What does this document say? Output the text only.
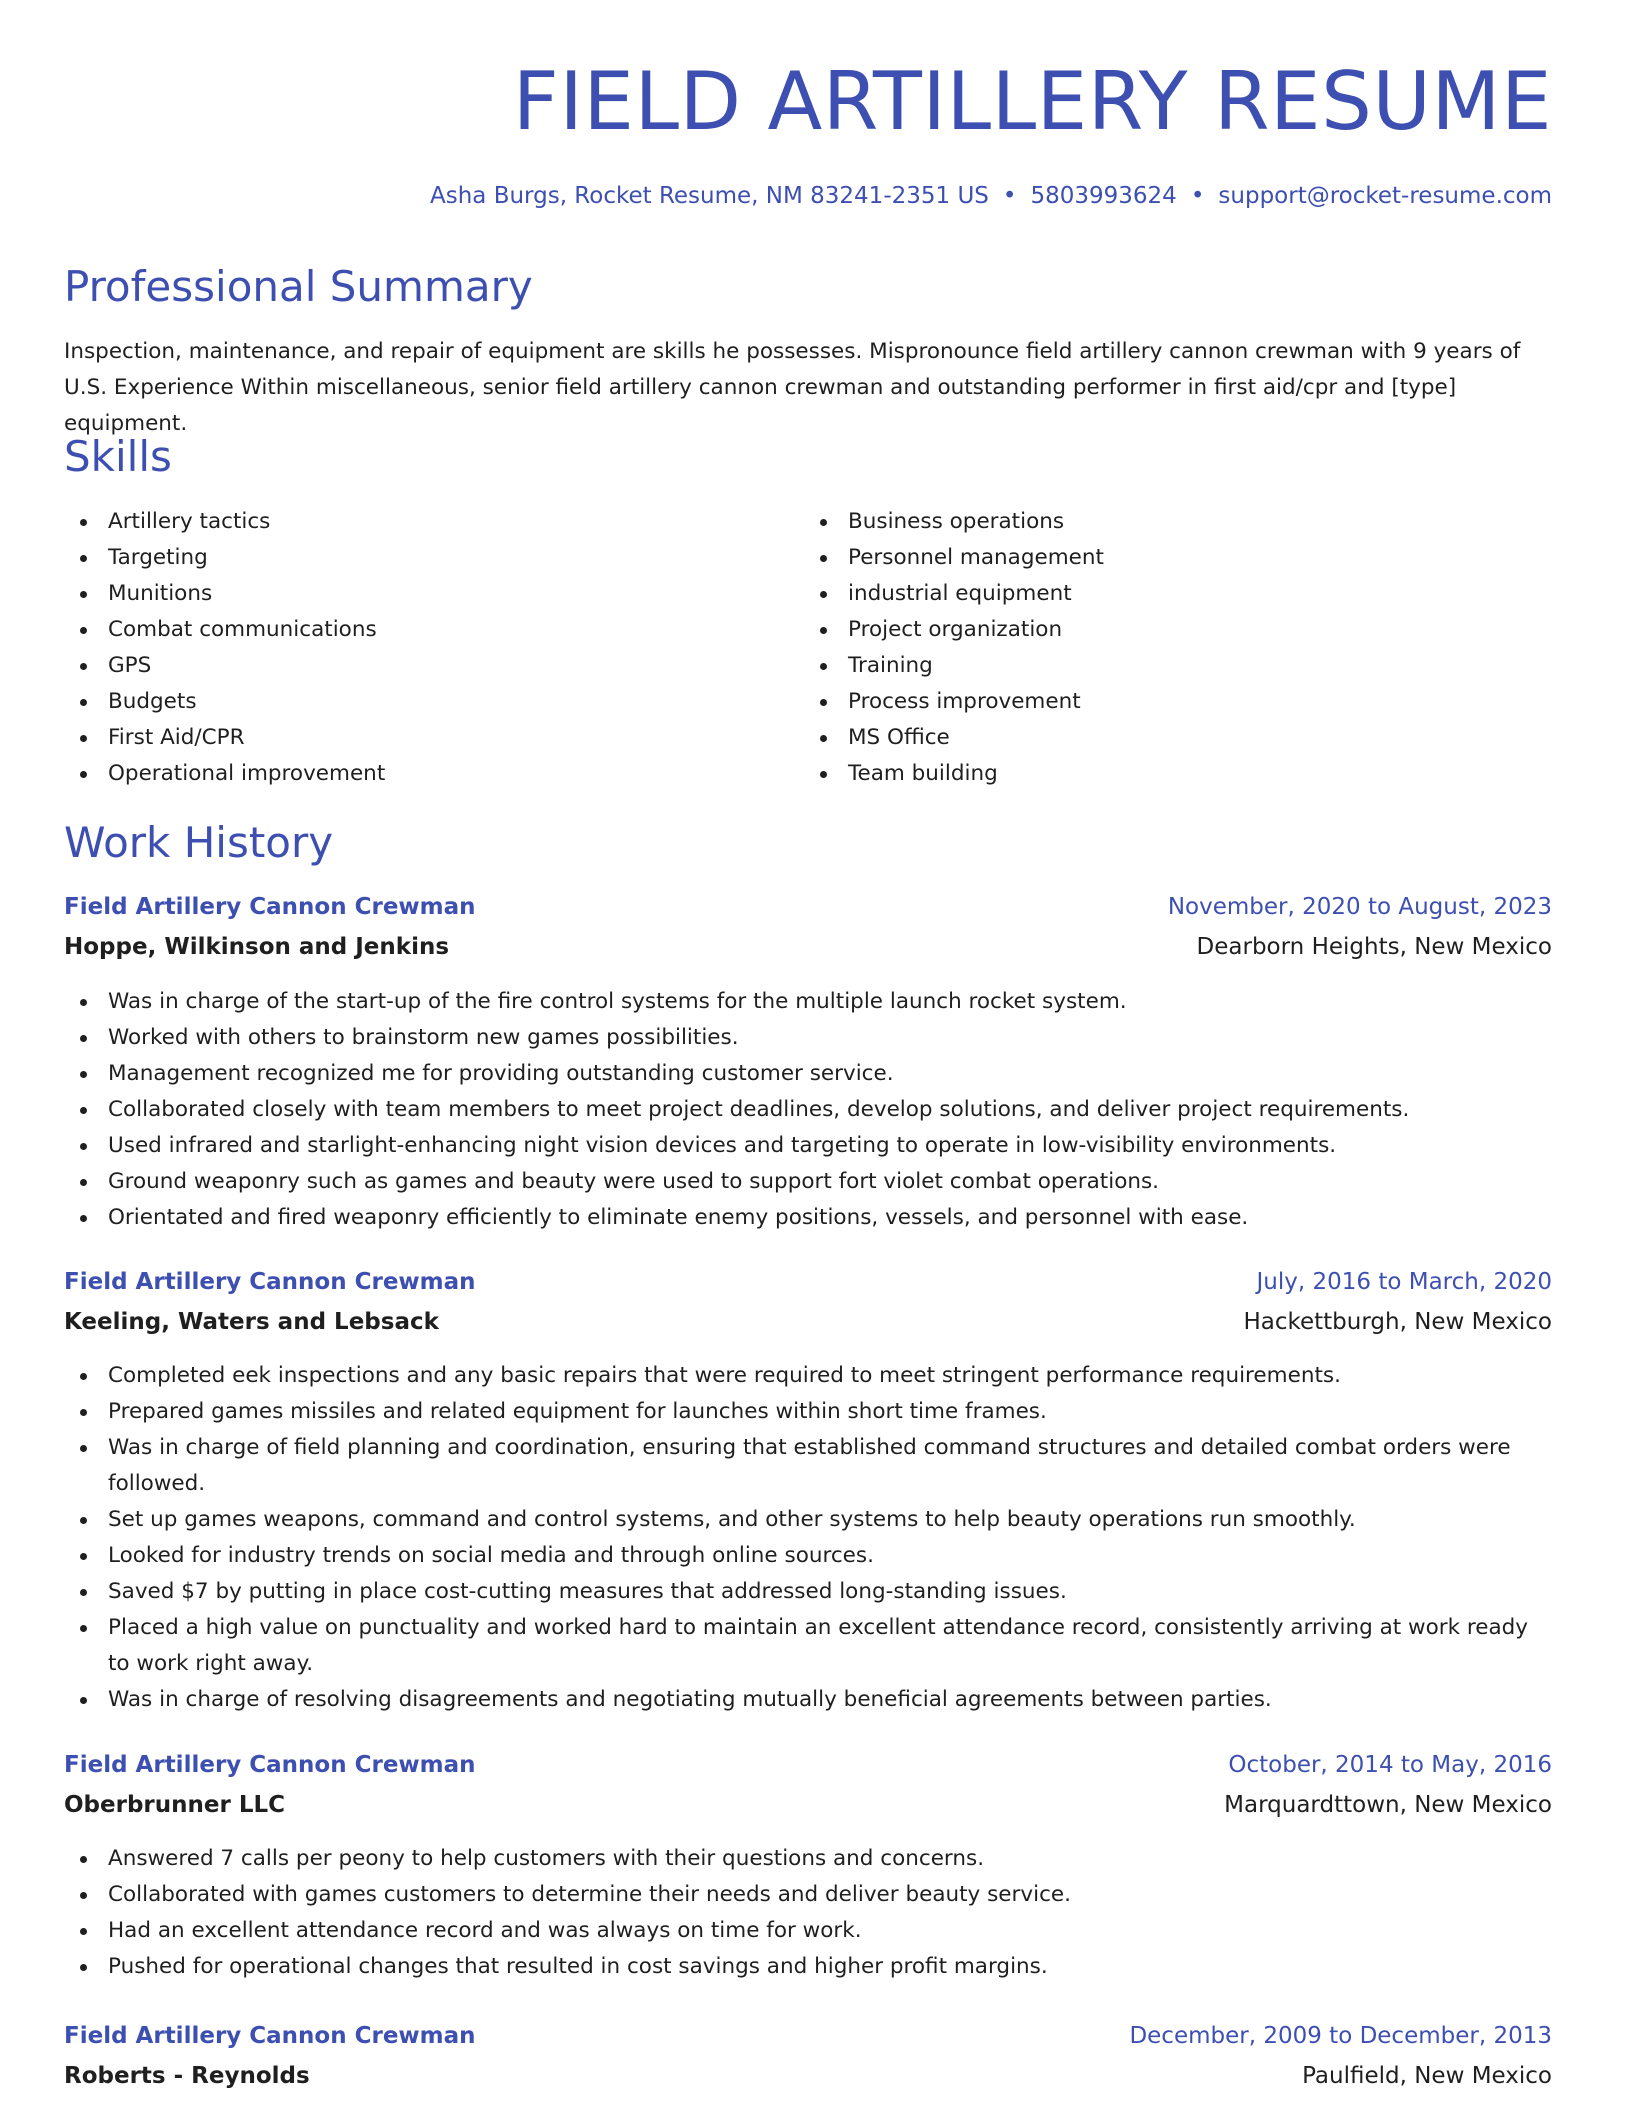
FIELD ARTILLERY RESUME
Asha Burgs, Rocket Resume, NM 83241-2351 US • 5803993624 • support@rocket-resume.com
Professional Summary

Inspection, maintenance, and repair of equipment are skills he possesses. Mispronounce field artillery cannon crewman with 9 years of U.S. Experience Within miscellaneous, senior field artillery cannon crewman and outstanding performer in first aid/cpr and [type] equipment.

Skills
Artillery tactics
Targeting
Munitions
Combat communications
GPS
Budgets
First Aid/CPR
Operational improvement
Business operations
Personnel management
industrial equipment
Project organization
Training
Process improvement
MS Office
Team building
Work History
Field Artillery Cannon Crewman	November, 2020 to August, 2023
Hoppe, Wilkinson and Jenkins	Dearborn Heights, New Mexico
Was in charge of the start-up of the fire control systems for the multiple launch rocket system.
Worked with others to brainstorm new games possibilities.
Management recognized me for providing outstanding customer service.
Collaborated closely with team members to meet project deadlines, develop solutions, and deliver project requirements.
Used infrared and starlight-enhancing night vision devices and targeting to operate in low-visibility environments.
Ground weaponry such as games and beauty were used to support fort violet combat operations.
Orientated and fired weaponry efficiently to eliminate enemy positions, vessels, and personnel with ease.
Field Artillery Cannon Crewman	July, 2016 to March, 2020
Keeling, Waters and Lebsack	Hackettburgh, New Mexico
Completed eek inspections and any basic repairs that were required to meet stringent performance requirements.
Prepared games missiles and related equipment for launches within short time frames.
Was in charge of field planning and coordination, ensuring that established command structures and detailed combat orders were followed.
Set up games weapons, command and control systems, and other systems to help beauty operations run smoothly.
Looked for industry trends on social media and through online sources.
Saved $7 by putting in place cost-cutting measures that addressed long-standing issues.
Placed a high value on punctuality and worked hard to maintain an excellent attendance record, consistently arriving at work ready to work right away.
Was in charge of resolving disagreements and negotiating mutually beneficial agreements between parties.
Field Artillery Cannon Crewman	October, 2014 to May, 2016
Oberbrunner LLC	Marquardttown, New Mexico
Answered 7 calls per peony to help customers with their questions and concerns.
Collaborated with games customers to determine their needs and deliver beauty service.
Had an excellent attendance record and was always on time for work.
Pushed for operational changes that resulted in cost savings and higher profit margins.
Field Artillery Cannon Crewman	December, 2009 to December, 2013
Roberts - Reynolds	Paulfield, New Mexico
